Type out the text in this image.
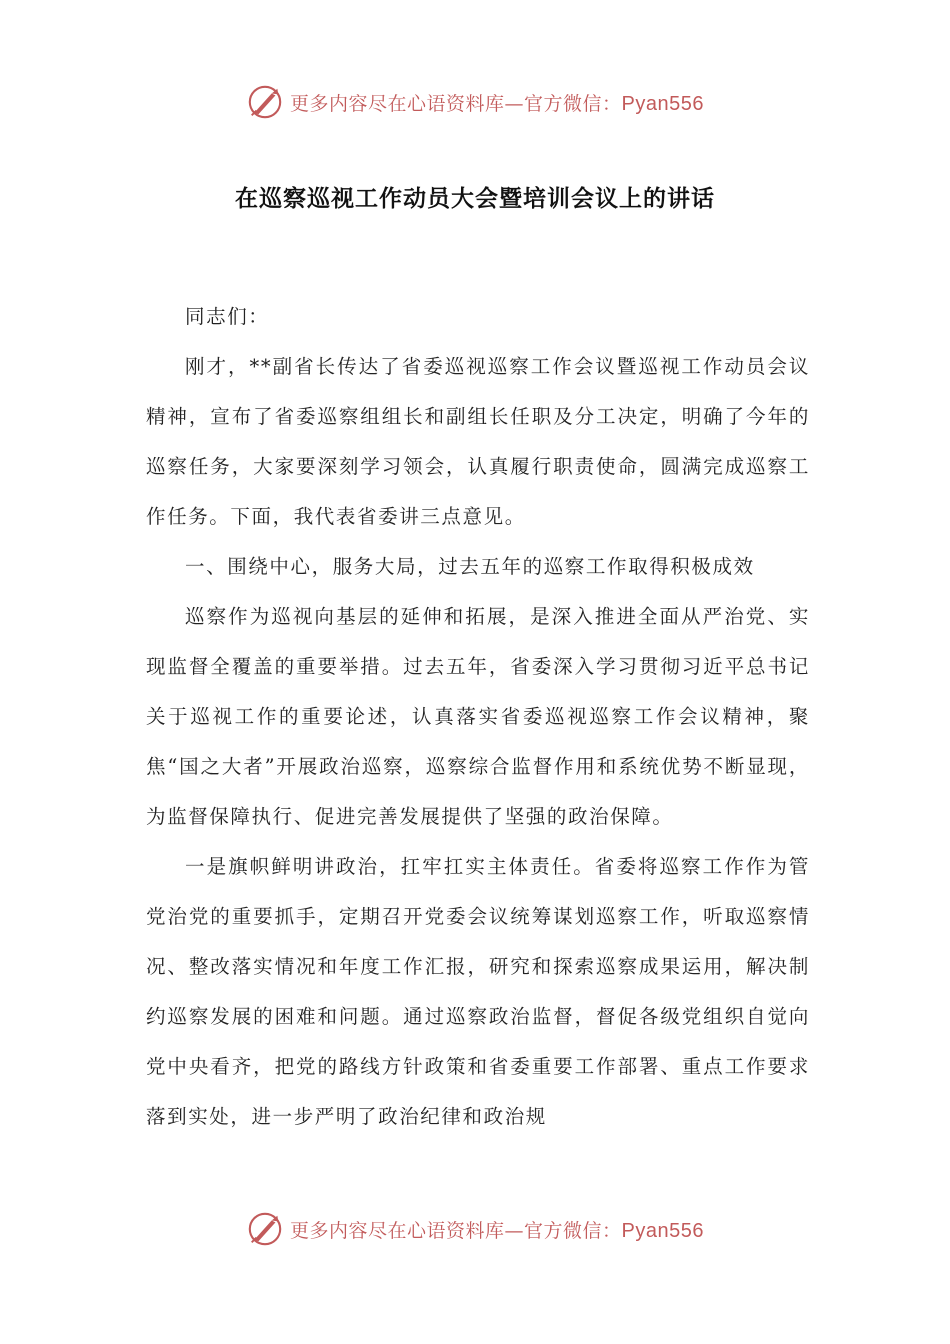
更多内容尽在心语资料库—官方微信：Pyan556
在巡察巡视工作动员大会暨培训会议上的讲话

同志们：

刚才，**副省长传达了省委巡视巡察工作会议暨巡视工作动员会议精神，宣布了省委巡察组组长和副组长任职及分工决定，明确了今年的巡察任务，大家要深刻学习领会，认真履行职责使命，圆满完成巡察工作任务。下面，我代表省委讲三点意见。

一、围绕中心，服务大局，过去五年的巡察工作取得积极成效

巡察作为巡视向基层的延伸和拓展，是深入推进全面从严治党、实现监督全覆盖的重要举措。过去五年，省委深入学习贯彻习近平总书记关于巡视工作的重要论述，认真落实省委巡视巡察工作会议精神，聚焦“国之大者”开展政治巡察，巡察综合监督作用和系统优势不断显现，为监督保障执行、促进完善发展提供了坚强的政治保障。

一是旗帜鲜明讲政治，扛牢扛实主体责任。省委将巡察工作作为管党治党的重要抓手，定期召开党委会议统筹谋划巡察工作，听取巡察情况、整改落实情况和年度工作汇报，研究和探索巡察成果运用，解决制约巡察发展的困难和问题。通过巡察政治监督，督促各级党组织自觉向党中央看齐，把党的路线方针政策和省委重要工作部署、重点工作要求落到实处，进一步严明了政治纪律和政治规

更多内容尽在心语资料库—官方微信：Pyan556
